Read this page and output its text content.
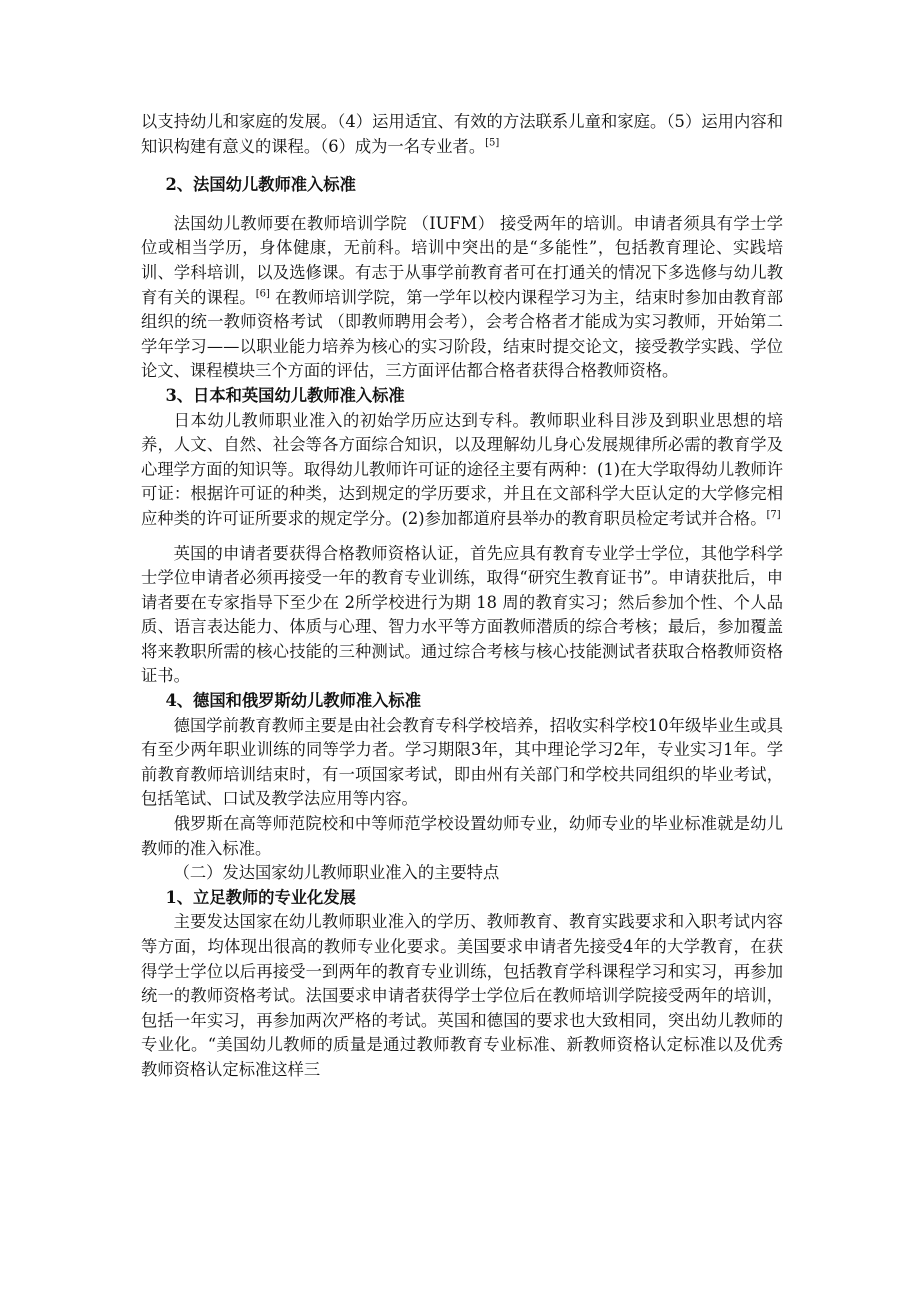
以支持幼儿和家庭的发展。（4）运用适宜、有效的方法联系儿童和家庭。（5）运用内容和知识构建有意义的课程。（6）成为一名专业者。[5]

2、法国幼儿教师准入标准

法国幼儿教师要在教师培训学院 （IUFM） 接受两年的培训。申请者须具有学士学位或相当学历，身体健康，无前科。培训中突出的是“多能性”，包括教育理论、实践培训、学科培训，以及选修课。有志于从事学前教育者可在打通关的情况下多选修与幼儿教育有关的课程。[6] 在教师培训学院，第一学年以校内课程学习为主，结束时参加由教育部组织的统一教师资格考试 （即教师聘用会考），会考合格者才能成为实习教师，开始第二学年学习——以职业能力培养为核心的实习阶段，结束时提交论文，接受教学实践、学位论文、课程模块三个方面的评估，三方面评估都合格者获得合格教师资格。

3、日本和英国幼儿教师准入标准

日本幼儿教师职业准入的初始学历应达到专科。教师职业科目涉及到职业思想的培养，人文、自然、社会等各方面综合知识，以及理解幼儿身心发展规律所必需的教育学及心理学方面的知识等。取得幼儿教师许可证的途径主要有两种：(1)在大学取得幼儿教师许可证：根据许可证的种类，达到规定的学历要求，并且在文部科学大臣认定的大学修完相应种类的许可证所要求的规定学分。(2)参加都道府县举办的教育职员检定考试并合格。[7]

英国的申请者要获得合格教师资格认证，首先应具有教育专业学士学位，其他学科学士学位申请者必须再接受一年的教育专业训练，取得“研究生教育证书”。申请获批后，申请者要在专家指导下至少在 2所学校进行为期 18 周的教育实习；然后参加个性、个人品质、语言表达能力、体质与心理、智力水平等方面教师潜质的综合考核；最后，参加覆盖将来教职所需的核心技能的三种测试。通过综合考核与核心技能测试者获取合格教师资格证书。

4、德国和俄罗斯幼儿教师准入标准

德国学前教育教师主要是由社会教育专科学校培养，招收实科学校10年级毕业生或具有至少两年职业训练的同等学力者。学习期限3年，其中理论学习2年，专业实习1年。学前教育教师培训结束时，有一项国家考试，即由州有关部门和学校共同组织的毕业考试，包括笔试、口试及教学法应用等内容。

俄罗斯在高等师范院校和中等师范学校设置幼师专业，幼师专业的毕业标准就是幼儿教师的准入标准。

（二）发达国家幼儿教师职业准入的主要特点

1、立足教师的专业化发展

主要发达国家在幼儿教师职业准入的学历、教师教育、教育实践要求和入职考试内容等方面，均体现出很高的教师专业化要求。美国要求申请者先接受4年的大学教育，在获得学士学位以后再接受一到两年的教育专业训练，包括教育学科课程学习和实习，再参加统一的教师资格考试。法国要求申请者获得学士学位后在教师培训学院接受两年的培训，包括一年实习，再参加两次严格的考试。英国和德国的要求也大致相同，突出幼儿教师的专业化。“美国幼儿教师的质量是通过教师教育专业标准、新教师资格认定标准以及优秀教师资格认定标准这样三
